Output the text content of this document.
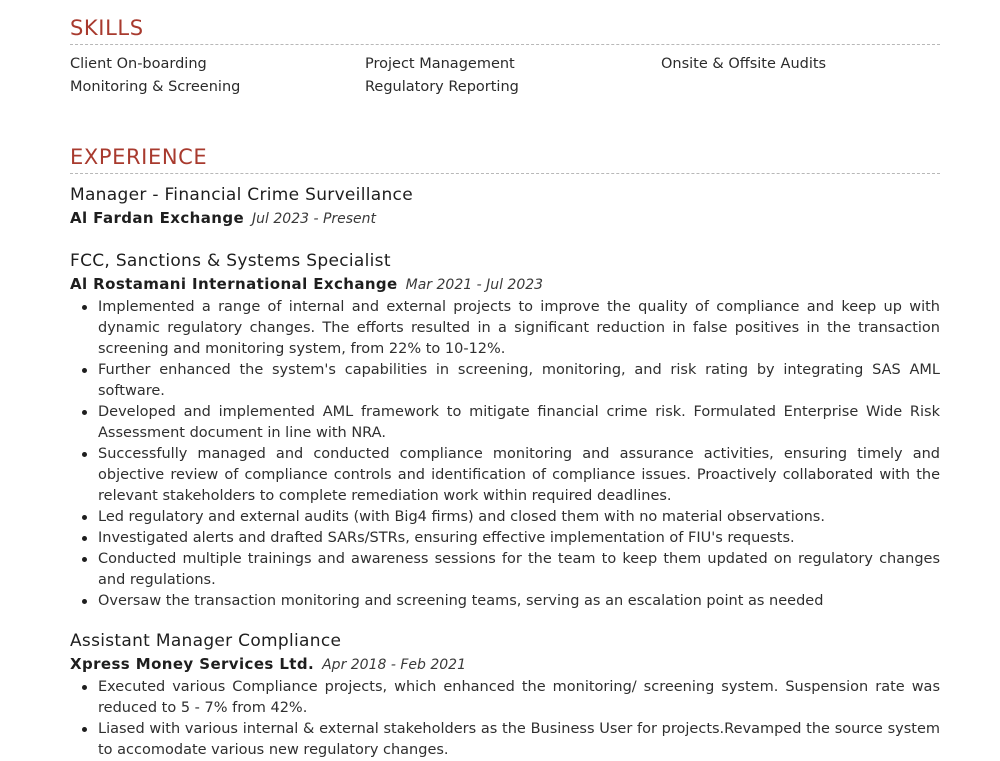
SKILLS
Client On-boarding	Project Management	Onsite & Offsite Audits
Monitoring & Screening	Regulatory Reporting
EXPERIENCE
Manager - Financial Crime Surveillance
Al Fardan Exchange Jul 2023 - Present
FCC, Sanctions & Systems Specialist
Al Rostamani International Exchange Mar 2021 - Jul 2023
Implemented a range of internal and external projects to improve the quality of compliance and keep up with dynamic regulatory changes. The efforts resulted in a significant reduction in false positives in the transaction screening and monitoring system, from 22% to 10-12%.
Further enhanced the system's capabilities in screening, monitoring, and risk rating by integrating SAS AML software.
Developed and implemented AML framework to mitigate financial crime risk. Formulated Enterprise Wide Risk Assessment document in line with NRA.
Successfully managed and conducted compliance monitoring and assurance activities, ensuring timely and objective review of compliance controls and identification of compliance issues. Proactively collaborated with the relevant stakeholders to complete remediation work within required deadlines.
Led regulatory and external audits (with Big4 firms) and closed them with no material observations.
Investigated alerts and drafted SARs/STRs, ensuring effective implementation of FIU's requests.
Conducted multiple trainings and awareness sessions for the team to keep them updated on regulatory changes and regulations.
Oversaw the transaction monitoring and screening teams, serving as an escalation point as needed
Assistant Manager Compliance
Xpress Money Services Ltd. Apr 2018 - Feb 2021
Executed various Compliance projects, which enhanced the monitoring/ screening system. Suspension rate was reduced to 5 - 7% from 42%.
Liased with various internal & external stakeholders as the Business User for projects.Revamped the source system to accomodate various new regulatory changes.
